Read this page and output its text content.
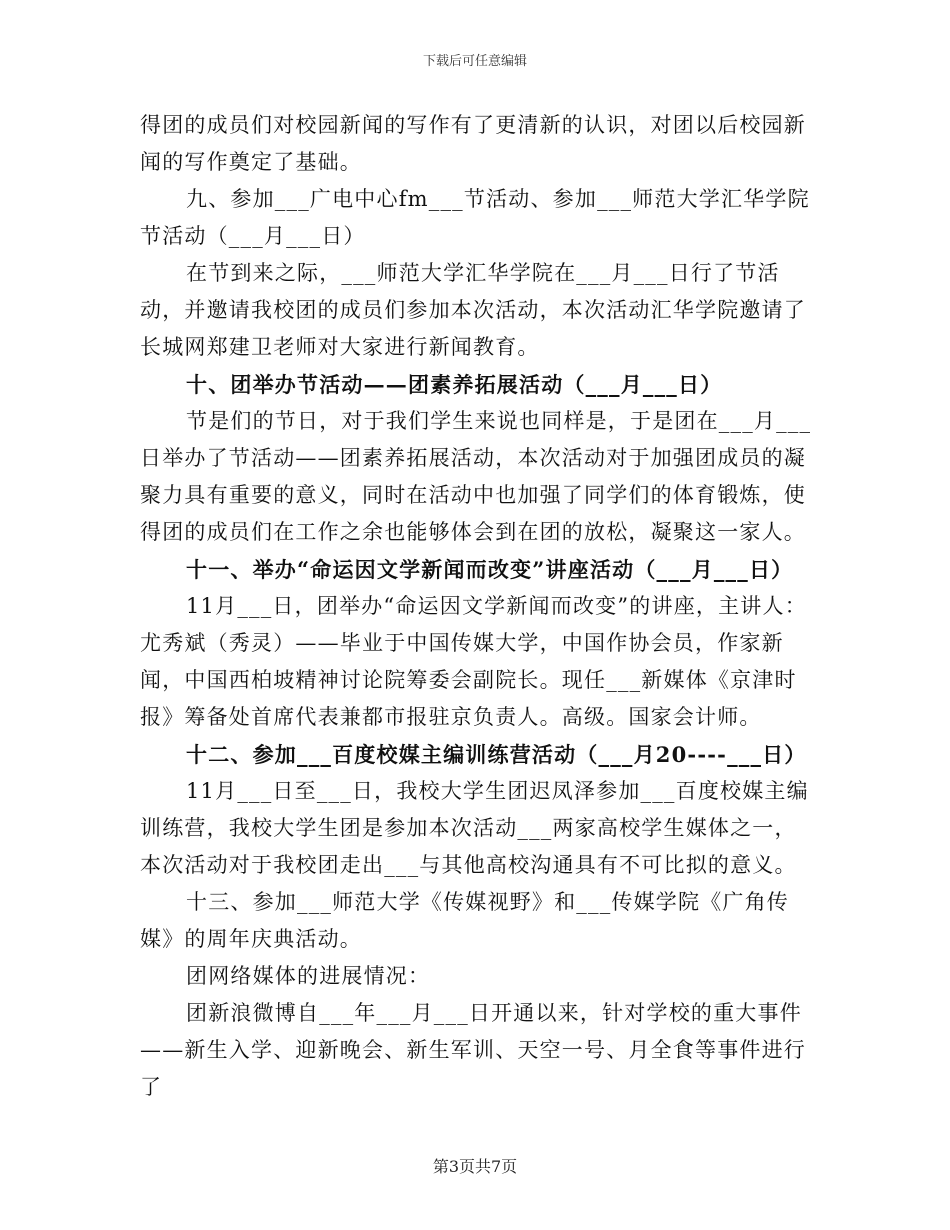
下载后可任意编辑

得团的成员们对校园新闻的写作有了更清新的认识，对团以后校园新闻的写作奠定了基础。

九、参加___广电中心fm___节活动、参加___师范大学汇华学院节活动（___月___日）

在节到来之际，___师范大学汇华学院在___月___日行了节活动，并邀请我校团的成员们参加本次活动，本次活动汇华学院邀请了长城网郑建卫老师对大家进行新闻教育。

十、团举办节活动——团素养拓展活动（___月___日）

节是们的节日，对于我们学生来说也同样是，于是团在___月___日举办了节活动——团素养拓展活动，本次活动对于加强团成员的凝聚力具有重要的意义，同时在活动中也加强了同学们的体育锻炼，使得团的成员们在工作之余也能够体会到在团的放松，凝聚这一家人。

十一、举办“命运因文学新闻而改变”讲座活动（___月___日）

11月___日，团举办“命运因文学新闻而改变”的讲座，主讲人：尤秀斌（秀灵）——毕业于中国传媒大学，中国作协会员，作家新闻，中国西柏坡精神讨论院筹委会副院长。现任___新媒体《京津时报》筹备处首席代表兼都市报驻京负责人。高级。国家会计师。

十二、参加___百度校媒主编训练营活动（___月20----___日）

11月___日至___日，我校大学生团迟凤泽参加___百度校媒主编训练营，我校大学生团是参加本次活动___两家高校学生媒体之一，本次活动对于我校团走出___与其他高校沟通具有不可比拟的意义。

十三、参加___师范大学《传媒视野》和___传媒学院《广角传媒》的周年庆典活动。

团网络媒体的进展情况：

团新浪微博自___年___月___日开通以来，针对学校的重大事件——新生入学、迎新晚会、新生军训、天空一号、月全食等事件进行了

第3页共7页
